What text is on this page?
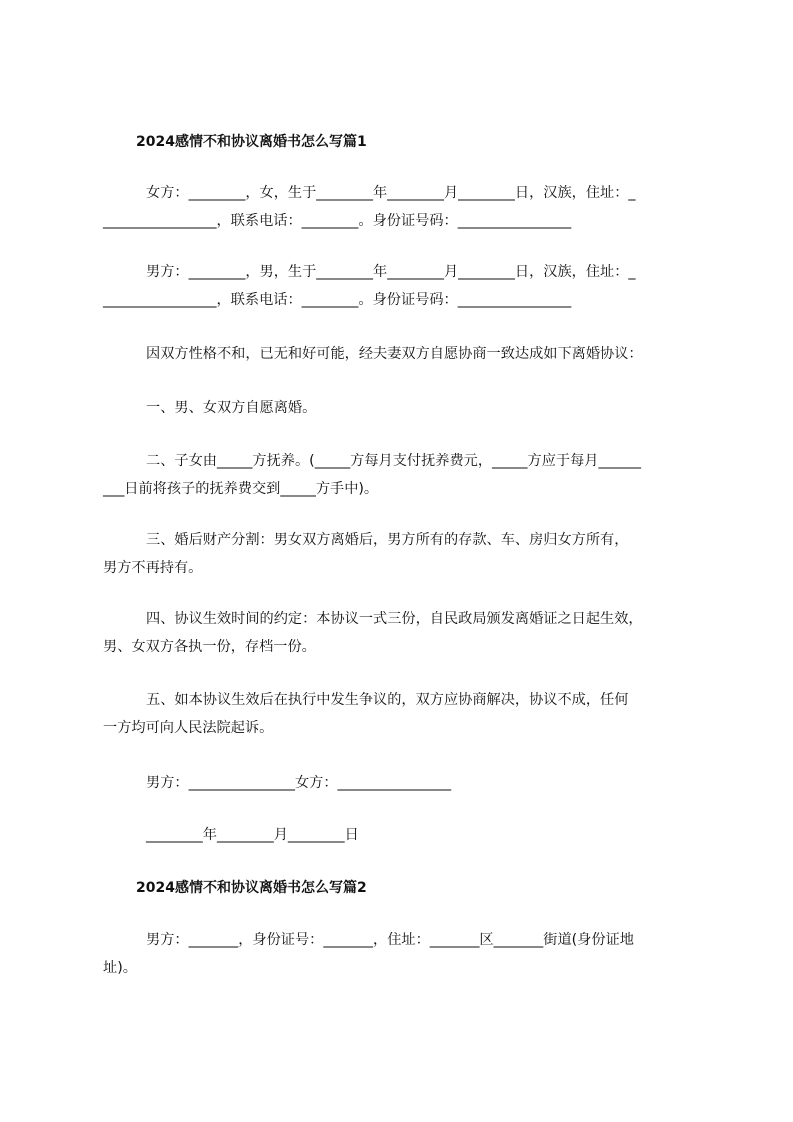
2024感情不和协议离婚书怎么写篇1
女方：________，女，生于________年________月________日，汉族，住址：_
________________，联系电话：________。身份证号码：________________
男方：________，男，生于________年________月________日，汉族，住址：_
________________，联系电话：________。身份证号码：________________
因双方性格不和，已无和好可能，经夫妻双方自愿协商一致达成如下离婚协议：
一、男、女双方自愿离婚。
二、子女由_____方抚养。(_____方每月支付抚养费元，_____方应于每月______
___日前将孩子的抚养费交到_____方手中)。
三、婚后财产分割：男女双方离婚后，男方所有的存款、车、房归女方所有，
男方不再持有。
四、协议生效时间的约定：本协议一式三份，自民政局颁发离婚证之日起生效，
男、女双方各执一份，存档一份。
五、如本协议生效后在执行中发生争议的，双方应协商解决，协议不成，任何
一方均可向人民法院起诉。
男方：_______________女方：________________
________年________月________日
2024感情不和协议离婚书怎么写篇2
男方：_______，身份证号：_______，住址：_______区_______街道(身份证地
址)。
